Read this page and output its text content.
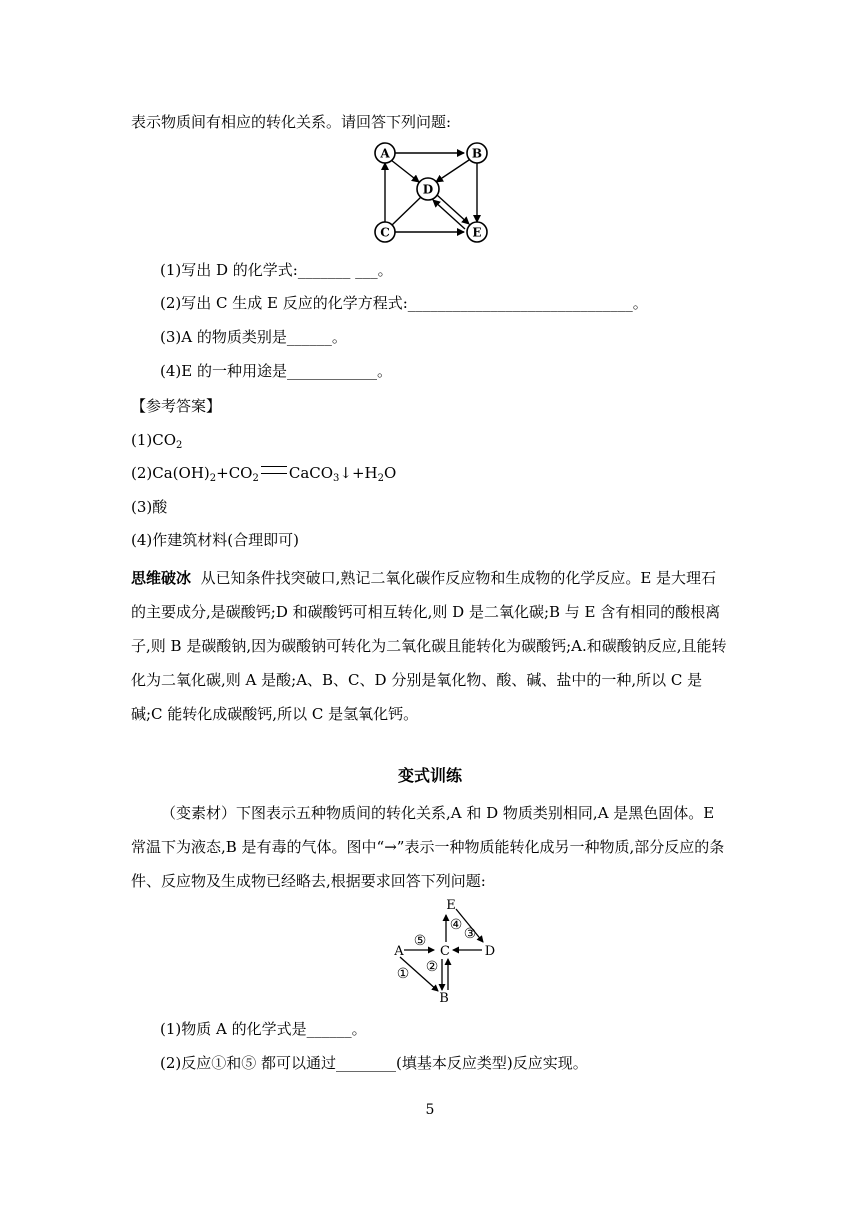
表示物质间有相应的转化关系。请回答下列问题:
A	B
C
D
E
(1)写出 D 的化学式:_______ ___。
(2)写出 C 生成 E 反应的化学方程式:______________________________。
(3)A 的物质类别是______。
(4)E 的一种用途是____________。
【参考答案】
$(1)CO_2$
$(2)Ca(OH)_2+CO_2$ $CaCO_3↓+H_2O$
(3)酸
(4)作建筑材料(合理即可)
思维破冰 从已知条件找突破口,熟记二氧化碳作反应物和生成物的化学反应。E 是大理石的主要成分,是碳酸钙;D 和碳酸钙可相互转化,则 D 是二氧化碳;B 与 E 含有相同的酸根离子,则 B 是碳酸钠,因为碳酸钠可转化为二氧化碳且能转化为碳酸钙;A.和碳酸钠反应,且能转化为二氧化碳,则 A 是酸;A、B、C、D 分别是氧化物、酸、碱、盐中的一种,所以 C 是碱;C 能转化成碳酸钙,所以 C 是氢氧化钙。
变式训练
（变素材）下图表示五种物质间的转化关系,A 和 D 物质类别相同,A 是黑色固体。E 常温下为液态,B 是有毒的气体。图中“→”表示一种物质能转化成另一种物质,部分反应的条件、反应物及生成物已经略去,根据要求回答下列问题:
A
B
C	D
E
⑤
① ②
④
③
(1)物质 A 的化学式是______。
(2)反应①和⑤ 都可以通过________(填基本反应类型)反应实现。
5
